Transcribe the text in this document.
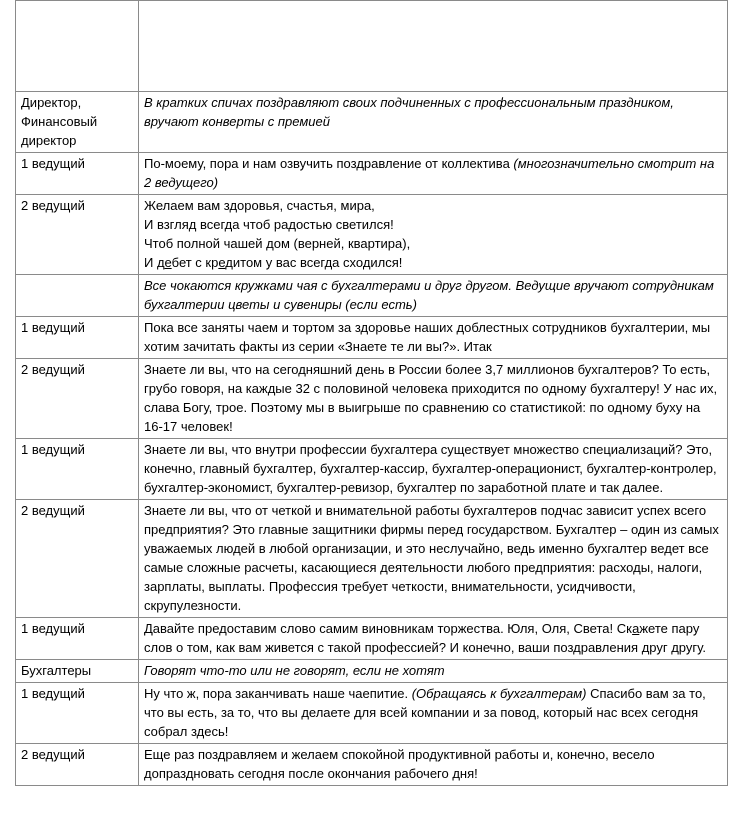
Директор, Финансовый директор	В кратких спичах поздравляют своих подчиненных с профессиональным праздником, вручают конверты с премией
1 ведущий	По-моему, пора и нам озвучить поздравление от коллектива (многозначительно смотрит на 2 ведущего)
2 ведущий	Желаем вам здоровья, счастья, мира,
И взгляд всегда чтоб радостью светился!
Чтоб полной чашей дом (верней, квартира),
И дебет с кредитом у вас всегда сходился!
	Все чокаются кружками чая с бухгалтерами и друг другом. Ведущие вручают сотрудникам бухгалтерии цветы и сувениры (если есть)
1 ведущий	Пока все заняты чаем и тортом за здоровье наших доблестных сотрудников бухгалтерии, мы хотим зачитать факты из серии «Знаете те ли вы?». Итак
2 ведущий	Знаете ли вы, что на сегодняшний день в России более 3,7 миллионов бухгалтеров? То есть, грубо говоря, на каждые 32 с половиной человека приходится по одному бухгалтеру! У нас их, слава Богу, трое. Поэтому мы в выигрыше по сравнению со статистикой: по одному буху на 16-17 человек!
1 ведущий	Знаете ли вы, что внутри профессии бухгалтера существует множество специализаций? Это, конечно, главный бухгалтер, бухгалтер-кассир, бухгалтер-операционист, бухгалтер-контролер, бухгалтер-экономист, бухгалтер-ревизор, бухгалтер по заработной плате и так далее.
2 ведущий	Знаете ли вы, что от четкой и внимательной работы бухгалтеров подчас зависит успех всего предприятия? Это главные защитники фирмы перед государством. Бухгалтер – один из самых уважаемых людей в любой организации, и это неслучайно, ведь именно бухгалтер ведет все самые сложные расчеты, касающиеся деятельности любого предприятия: расходы, налоги, зарплаты, выплаты. Профессия требует четкости, внимательности, усидчивости, скрупулезности.
1 ведущий	Давайте предоставим слово самим виновникам торжества. Юля, Оля, Света! Скажете пару слов о том, как вам живется с такой профессией? И конечно, ваши поздравления друг другу.
Бухгалтеры	Говорят что-то или не говорят, если не хотят
1 ведущий	Ну что ж, пора заканчивать наше чаепитие. (Обращаясь к бухгалтерам) Спасибо вам за то, что вы есть, за то, что вы делаете для всей компании и за повод, который нас всех сегодня собрал здесь!
2 ведущий	Еще раз поздравляем и желаем спокойной продуктивной работы и, конечно, весело допраздновать сегодня после окончания рабочего дня!
